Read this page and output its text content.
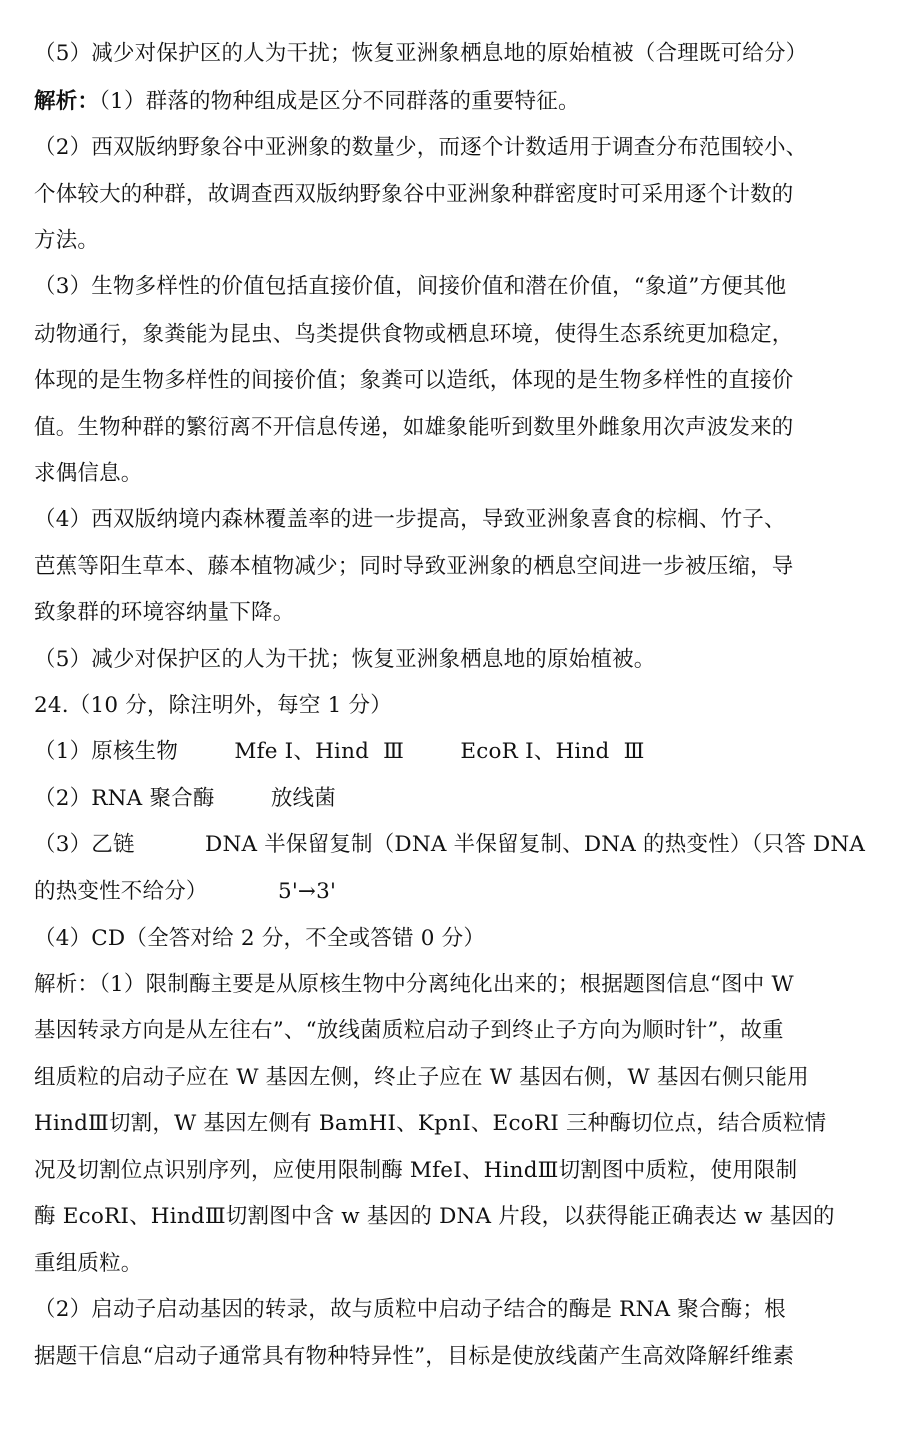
（5）减少对保护区的人为干扰；恢复亚洲象栖息地的原始植被（合理既可给分）
解析：（1）群落的物种组成是区分不同群落的重要特征。
（2）西双版纳野象谷中亚洲象的数量少，而逐个计数适用于调查分布范围较小、
个体较大的种群，故调查西双版纳野象谷中亚洲象种群密度时可采用逐个计数的
方法。
（3）生物多样性的价值包括直接价值，间接价值和潜在价值，“象道”方便其他
动物通行，象粪能为昆虫、鸟类提供食物或栖息环境，使得生态系统更加稳定，
体现的是生物多样性的间接价值；象粪可以造纸，体现的是生物多样性的直接价
值。生物种群的繁衍离不开信息传递，如雄象能听到数里外雌象用次声波发来的
求偶信息。
（4）西双版纳境内森林覆盖率的进一步提高，导致亚洲象喜食的棕榈、竹子、
芭蕉等阳生草本、藤本植物减少；同时导致亚洲象的栖息空间进一步被压缩，导
致象群的环境容纳量下降。
（5）减少对保护区的人为干扰；恢复亚洲象栖息地的原始植被。
24.（10 分，除注明外，每空 1 分）
（1）原核生物        Mfe I、Hind  Ⅲ        EcoR I、Hind  Ⅲ
（2）RNA 聚合酶        放线菌
（3）乙链          DNA 半保留复制（DNA 半保留复制、DNA 的热变性）（只答 DNA
的热变性不给分）          5'→3'
（4）CD（全答对给 2 分，不全或答错 0 分）
解析：（1）限制酶主要是从原核生物中分离纯化出来的；根据题图信息“图中 W
基因转录方向是从左往右”、“放线菌质粒启动子到终止子方向为顺时针”，故重
组质粒的启动子应在 W 基因左侧，终止子应在 W 基因右侧，W 基因右侧只能用
HindⅢ切割，W 基因左侧有 BamHI、KpnI、EcoRI 三种酶切位点，结合质粒情
况及切割位点识别序列，应使用限制酶 MfeI、HindⅢ切割图中质粒，使用限制
酶 EcoRI、HindⅢ切割图中含 w 基因的 DNA 片段，以获得能正确表达 w 基因的
重组质粒。
（2）启动子启动基因的转录，故与质粒中启动子结合的酶是 RNA 聚合酶；根
据题干信息“启动子通常具有物种特异性”，目标是使放线菌产生高效降解纤维素
